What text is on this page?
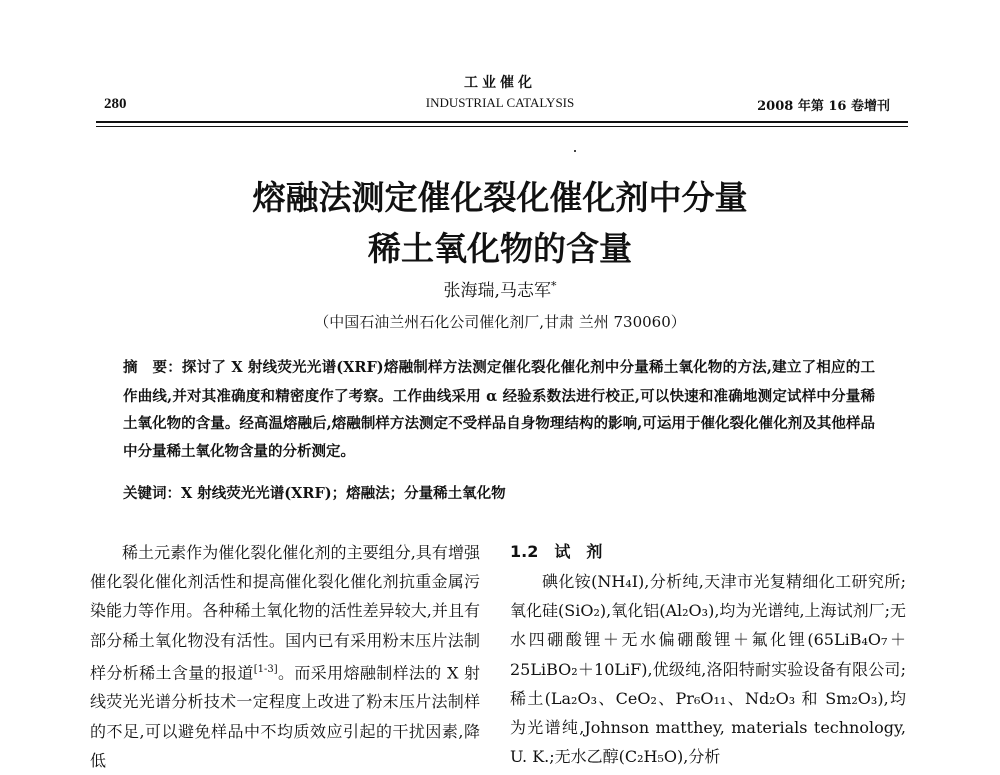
280
工业催化
INDUSTRIAL CATALYSIS	2008 年第 16 卷增刊
熔融法测定催化裂化催化剂中分量
稀土氧化物的含量
张海瑞,马志军*
（中国石油兰州石化公司催化剂厂,甘肃 兰州 730060）
摘　要：探讨了 X 射线荧光光谱(XRF)熔融制样方法测定催化裂化催化剂中分量稀土氧化物的方法,建立了相应的工作曲线,并对其准确度和精密度作了考察。工作曲线采用 α 经验系数法进行校正,可以快速和准确地测定试样中分量稀土氧化物的含量。经高温熔融后,熔融制样方法测定不受样品自身物理结构的影响,可运用于催化裂化催化剂及其他样品中分量稀土氧化物含量的分析测定。
关键词：X 射线荧光光谱(XRF)；熔融法；分量稀土氧化物
稀土元素作为催化裂化催化剂的主要组分,具有增强催化裂化催化剂活性和提高催化裂化催化剂抗重金属污染能力等作用。各种稀土氧化物的活性差异较大,并且有部分稀土氧化物没有活性。国内已有采用粉末压片法制样分析稀土含量的报道[1-3]。而采用熔融制样法的 X 射线荧光光谱分析技术一定程度上改进了粉末压片法制样的不足,可以避免样品中不均质效应引起的干扰因素,降低
1.2　试　剂
碘化铵(NH₄I),分析纯,天津市光复精细化工研究所;氧化硅(SiO₂),氧化铝(Al₂O₃),均为光谱纯,上海试剂厂;无水四硼酸锂＋无水偏硼酸锂＋氟化锂(65LiB₄O₇＋25LiBO₂＋10LiF),优级纯,洛阳特耐实验设备有限公司;稀土(La₂O₃、CeO₂、Pr₆O₁₁、Nd₂O₃ 和 Sm₂O₃),均为光谱纯,Johnson matthey, materials technology, U. K.;无水乙醇(C₂H₅O),分析
